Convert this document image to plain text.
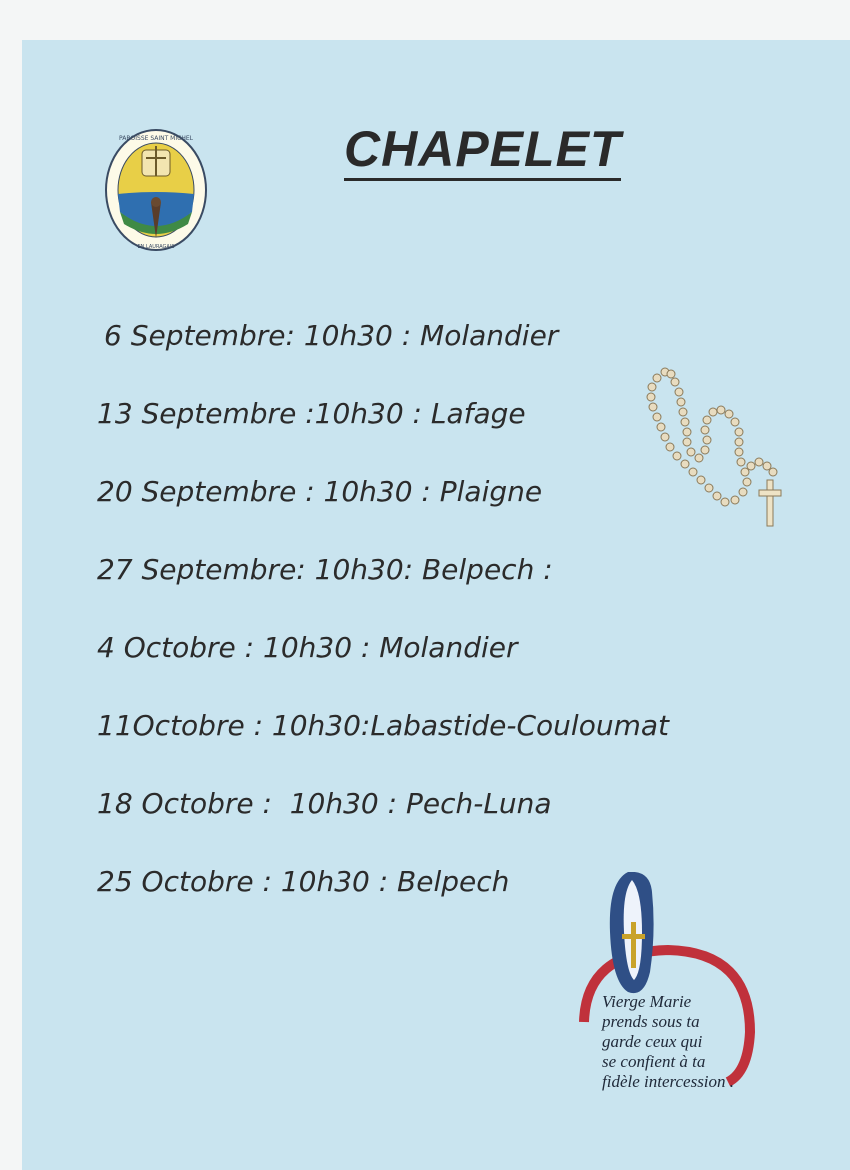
CHAPELET
PAROISSE SAINT MICHEL
EN LAURAGAIS
6 Septembre: 10h30 : Molandier
13 Septembre :10h30 : Lafage
20 Septembre : 10h30 : Plaigne
27 Septembre: 10h30: Belpech :
4 Octobre : 10h30 : Molandier
11Octobre : 10h30:Labastide-Couloumat
18 Octobre :  10h30 : Pech-Luna
25 Octobre : 10h30 : Belpech

Vierge Marie
prends sous ta
garde ceux qui
se confient à ta
fidèle intercession .
